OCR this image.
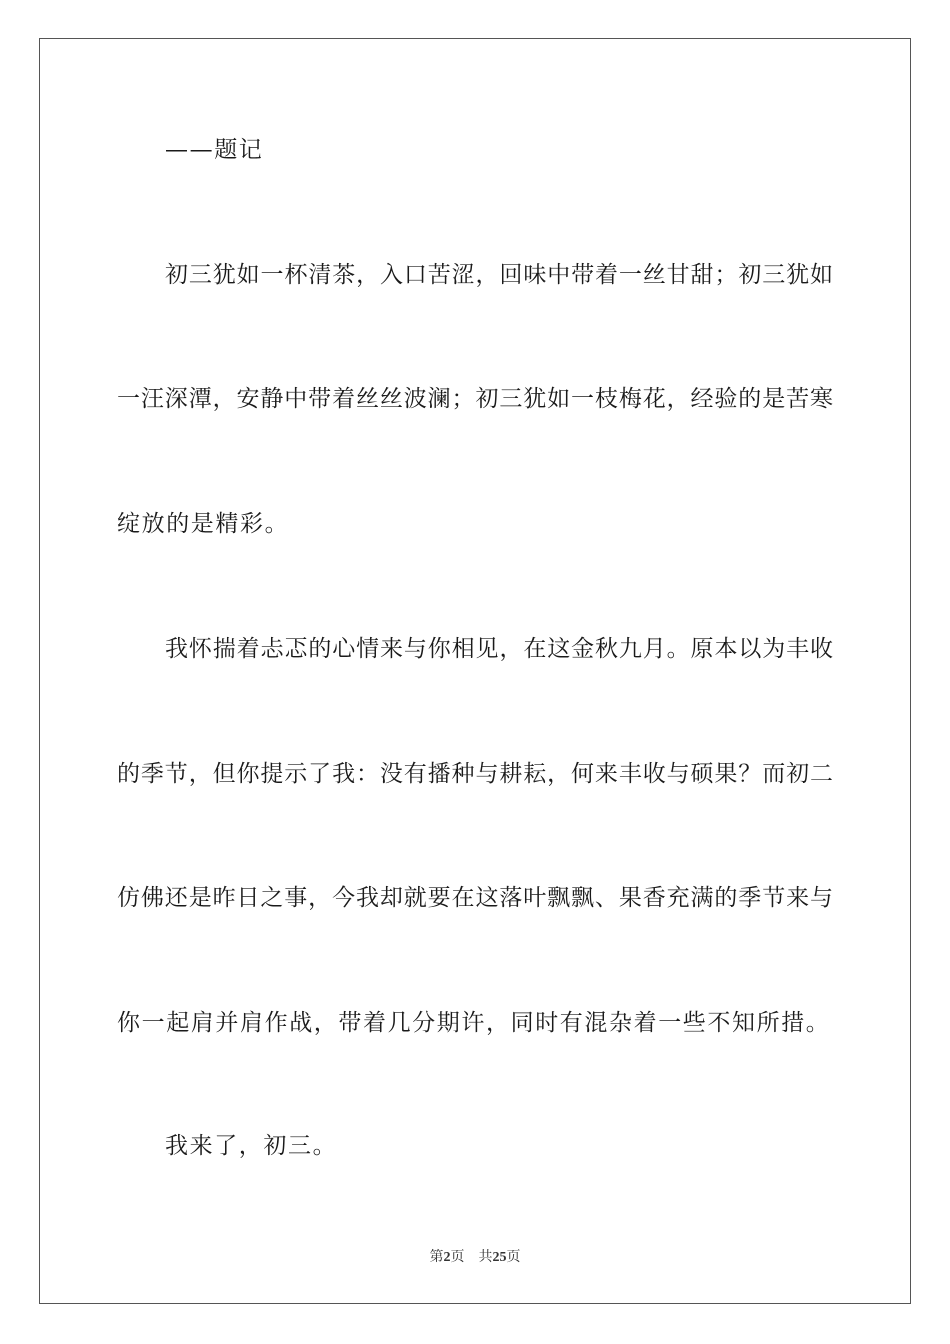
——题记
初三犹如一杯清茶，入口苦涩，回味中带着一丝甘甜；初三犹如
一汪深潭，安静中带着丝丝波澜；初三犹如一枝梅花，经验的是苦寒
绽放的是精彩。
我怀揣着忐忑的心情来与你相见，在这金秋九月。原本以为丰收
的季节，但你提示了我：没有播种与耕耘，何来丰收与硕果？而初二
仿佛还是昨日之事，今我却就要在这落叶飘飘、果香充满的季节来与
你一起肩并肩作战，带着几分期许，同时有混杂着一些不知所措。
我来了，初三。
第2页 共25页
